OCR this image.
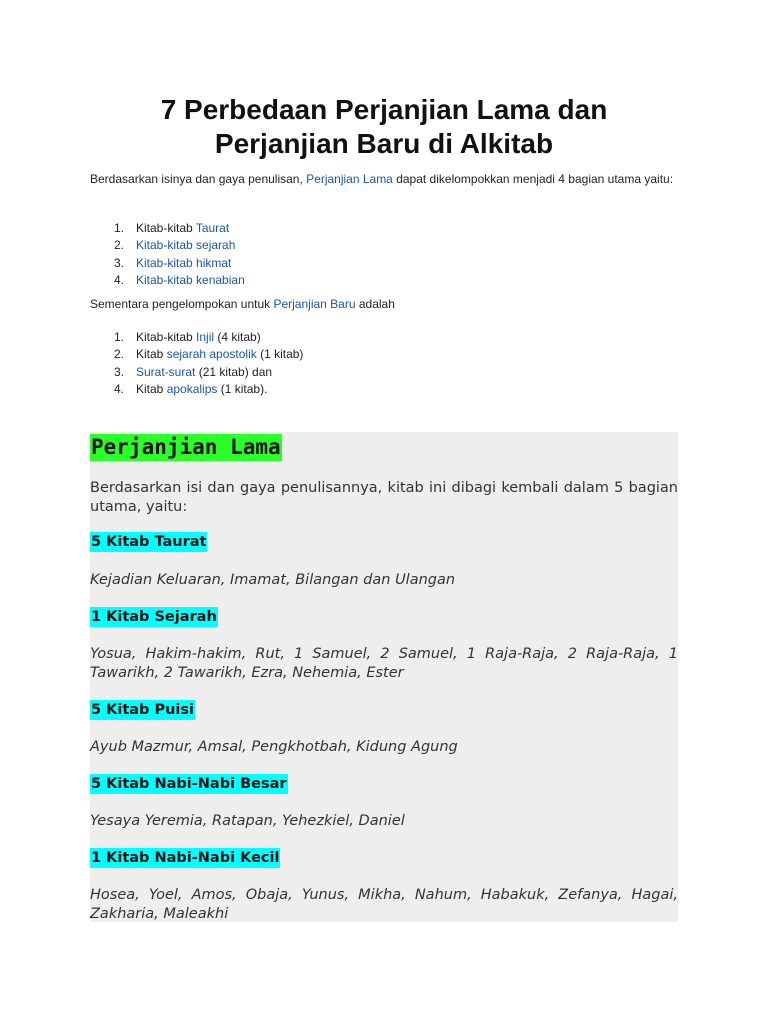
7 Perbedaan Perjanjian Lama dan Perjanjian Baru di Alkitab

Berdasarkan isinya dan gaya penulisan, Perjanjian Lama dapat dikelompokkan menjadi 4 bagian utama yaitu:

1. Kitab-kitab Taurat
2. Kitab-kitab sejarah
3. Kitab-kitab hikmat
4. Kitab-kitab kenabian

Sementara pengelompokan untuk Perjanjian Baru adalah

1. Kitab-kitab Injil (4 kitab)
2. Kitab sejarah apostolik (1 kitab)
3. Surat-surat (21 kitab) dan
4. Kitab apokalips (1 kitab).
Perjanjian Lama
Berdasarkan isi dan gaya penulisannya, kitab ini dibagi kembali dalam 5 bagian utama, yaitu:
5 Kitab Taurat
Kejadian Keluaran, Imamat, Bilangan dan Ulangan
1 Kitab Sejarah
Yosua, Hakim-hakim, Rut, 1 Samuel, 2 Samuel, 1 Raja-Raja, 2 Raja-Raja, 1 Tawarikh, 2 Tawarikh, Ezra, Nehemia, Ester
5 Kitab Puisi
Ayub Mazmur, Amsal, Pengkhotbah, Kidung Agung
5 Kitab Nabi-Nabi Besar
Yesaya Yeremia, Ratapan, Yehezkiel, Daniel
1 Kitab Nabi-Nabi Kecil
Hosea, Yoel, Amos, Obaja, Yunus, Mikha, Nahum, Habakuk, Zefanya, Hagai, Zakharia, Maleakhi
